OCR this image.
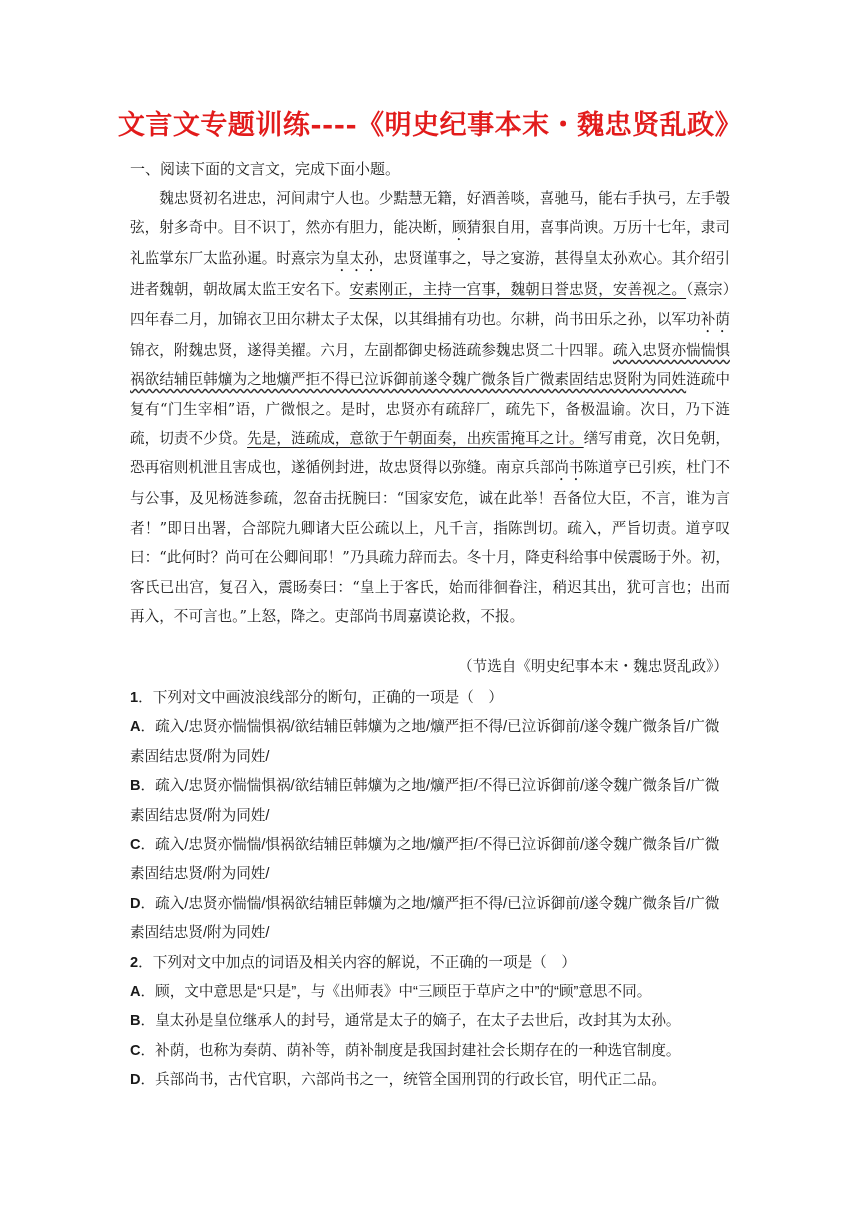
文言文专题训练----《明史纪事本末・魏忠贤乱政》
一、阅读下面的文言文，完成下面小题。

魏忠贤初名进忠，河间肃宁人也。少黠慧无籍，好酒善啖，喜驰马，能右手执弓，左手彀弦，射多奇中。目不识丁，然亦有胆力，能决断，顾猜狠自用，喜事尚谀。万历十七年，隶司礼监掌东厂太监孙暹。时熹宗为皇太孙，忠贤谨事之，导之宴游，甚得皇太孙欢心。其介绍引进者魏朝，朝故属太监王安名下。安素刚正，主持一宫事，魏朝日誉忠贤，安善视之。（熹宗）四年春二月，加锦衣卫田尔耕太子太保，以其缉捕有功也。尔耕，尚书田乐之孙，以军功补荫锦衣，附魏忠贤，遂得美擢。六月，左副都御史杨涟疏参魏忠贤二十四罪。疏入忠贤亦惴惴惧祸欲结辅臣韩爌为之地爌严拒不得已泣诉御前遂令魏广微条旨广微素固结忠贤附为同姓涟疏中复有“门生宰相”语，广微恨之。是时，忠贤亦有疏辞厂，疏先下，备极温谕。次日，乃下涟疏，切责不少贷。先是，涟疏成，意欲于午朝面奏，出疾雷掩耳之计。缮写甫竟，次日免朝，恐再宿则机泄且害成也，遂循例封进，故忠贤得以弥缝。南京兵部尚书陈道亨已引疾，杜门不与公事，及见杨涟参疏，忽奋击抚腕曰：“国家安危，诚在此举！吾备位大臣，不言，谁为言者！”即日出署，合部院九卿诸大臣公疏以上，凡千言，指陈剀切。疏入，严旨切责。道亨叹曰：“此何时？尚可在公卿间耶！”乃具疏力辞而去。冬十月，降吏科给事中侯震旸于外。初，客氏已出宫，复召入，震旸奏曰：“皇上于客氏，始而徘徊眷注，稍迟其出，犹可言也；出而再入，不可言也。”上怒，降之。吏部尚书周嘉谟论救，不报。

（节选自《明史纪事本末・魏忠贤乱政》）
1．下列对文中画波浪线部分的断句，正确的一项是（　）
A．疏入/忠贤亦惴惴惧祸/欲结辅臣韩爌为之地/爌严拒不得/已泣诉御前/遂令魏广微条旨/广微素固结忠贤/附为同姓/
B．疏入/忠贤亦惴惴惧祸/欲结辅臣韩爌为之地/爌严拒/不得已泣诉御前/遂令魏广微条旨/广微素固结忠贤/附为同姓/
C．疏入/忠贤亦惴惴/惧祸欲结辅臣韩爌为之地/爌严拒/不得已泣诉御前/遂令魏广微条旨/广微素固结忠贤/附为同姓/
D．疏入/忠贤亦惴惴/惧祸欲结辅臣韩爌为之地/爌严拒不得/已泣诉御前/遂令魏广微条旨/广微素固结忠贤/附为同姓/
2．下列对文中加点的词语及相关内容的解说，不正确的一项是（　）
A．顾，文中意思是“只是”，与《出师表》中“三顾臣于草庐之中”的“顾”意思不同。
B．皇太孙是皇位继承人的封号，通常是太子的嫡子，在太子去世后，改封其为太孙。
C．补荫，也称为奏荫、荫补等，荫补制度是我国封建社会长期存在的一种选官制度。
D．兵部尚书，古代官职，六部尚书之一，统管全国刑罚的行政长官，明代正二品。
